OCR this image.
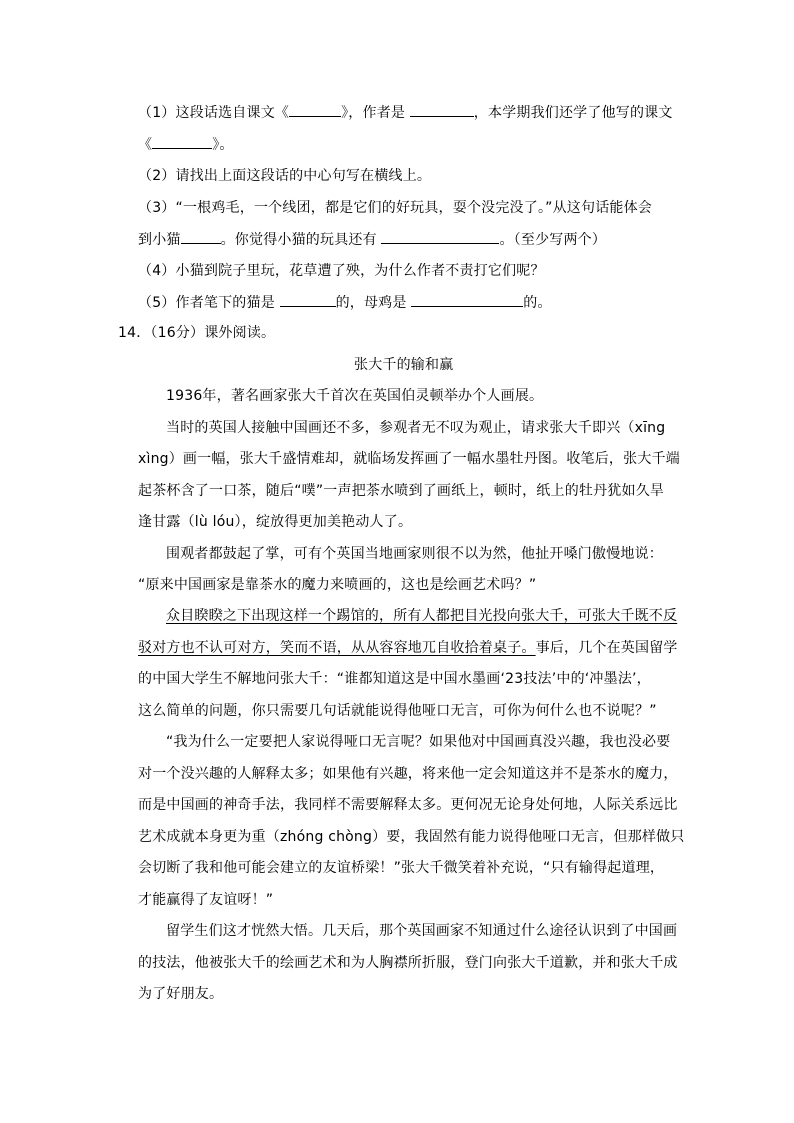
（1）这段话选自课文《	》，作者是	，本学期我们还学了他写的课文
《	》。
（2）请找出上面这段话的中心句写在横线上。
（3）“一根鸡毛，一个线团，都是它们的好玩具，耍个没完没了。”从这句话能体会
到小猫	。你觉得小猫的玩具还有	。（至少写两个）
（4）小猫到院子里玩，花草遭了殃，为什么作者不责打它们呢？
（5）作者笔下的猫是	的，母鸡是	的。
14．（16分）课外阅读。
张大千的输和赢
1936年，著名画家张大千首次在英国伯灵顿举办个人画展。
当时的英国人接触中国画还不多，参观者无不叹为观止，请求张大千即兴（xīng
xìng）画一幅，张大千盛情难却，就临场发挥画了一幅水墨牡丹图。收笔后，张大千端
起茶杯含了一口茶，随后“噗”一声把茶水喷到了画纸上，顿时，纸上的牡丹犹如久旱
逢甘露（lù lóu），绽放得更加美艳动人了。
围观者都鼓起了掌，可有个英国当地画家则很不以为然，他扯开嗓门傲慢地说：
“原来中国画家是靠茶水的魔力来喷画的，这也是绘画艺术吗？”
众目睽睽之下出现这样一个踢馆的，所有人都把目光投向张大千，可张大千既不反
驳对方也不认可对方，笑而不语，从从容容地兀自收拾着桌子。事后，几个在英国留学
的中国大学生不解地问张大千：“谁都知道这是中国水墨画‘23技法’中的‘冲墨法’，
这么简单的问题，你只需要几句话就能说得他哑口无言，可你为何什么也不说呢？”
“我为什么一定要把人家说得哑口无言呢？如果他对中国画真没兴趣，我也没必要
对一个没兴趣的人解释太多；如果他有兴趣，将来他一定会知道这并不是茶水的魔力，
而是中国画的神奇手法，我同样不需要解释太多。更何况无论身处何地，人际关系远比
艺术成就本身更为重（zhóng chòng）要，我固然有能力说得他哑口无言，但那样做只
会切断了我和他可能会建立的友谊桥梁！”张大千微笑着补充说，“只有输得起道理，
才能赢得了友谊呀！”
留学生们这才恍然大悟。几天后，那个英国画家不知通过什么途径认识到了中国画
的技法，他被张大千的绘画艺术和为人胸襟所折服，登门向张大千道歉，并和张大千成
为了好朋友。
